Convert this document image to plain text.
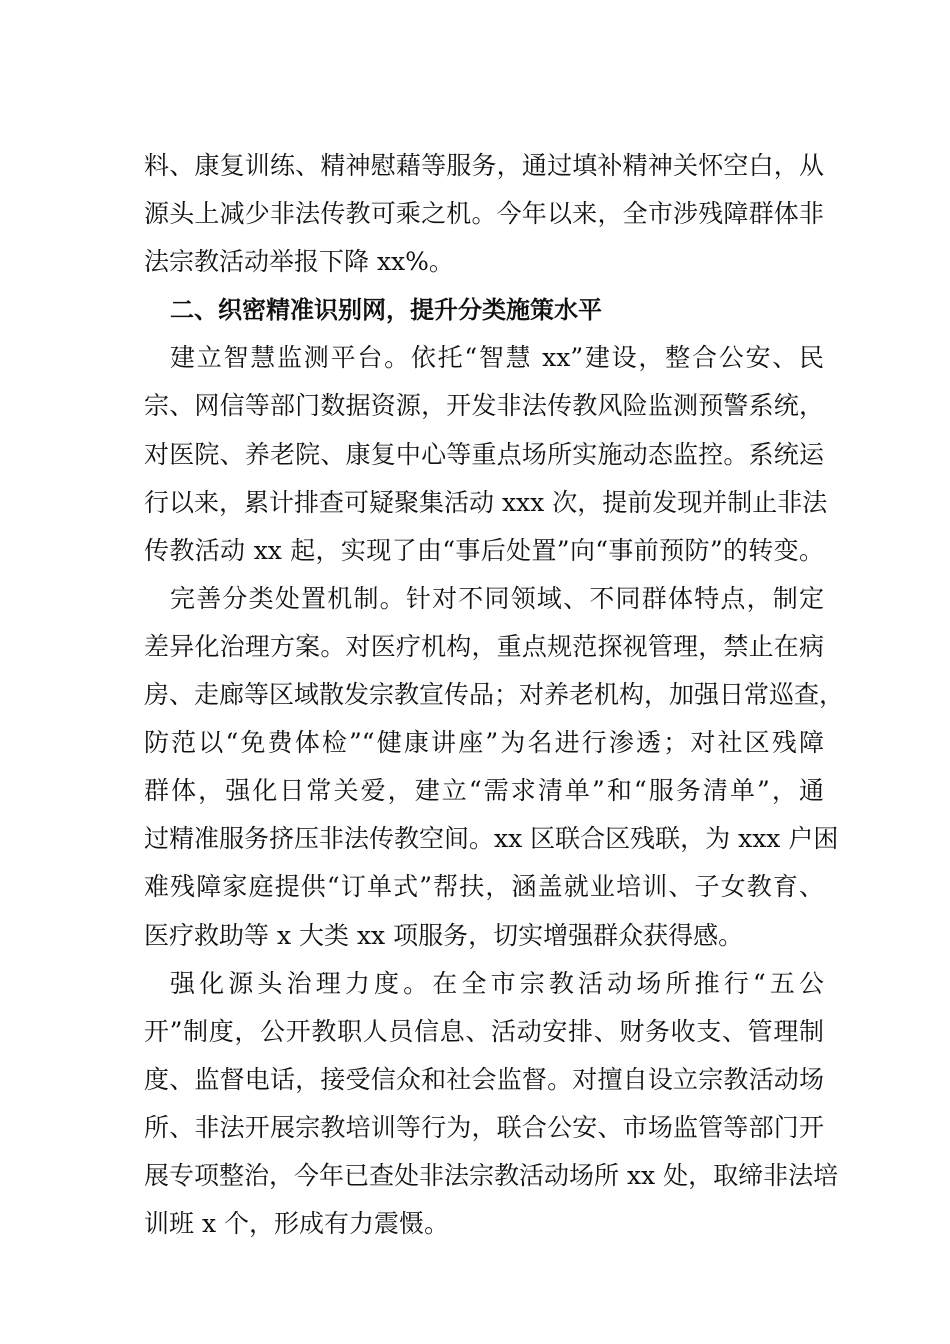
料、康复训练、精神慰藉等服务，通过填补精神关怀空白，从
源头上减少非法传教可乘之机。今年以来，全市涉残障群体非
法宗教活动举报下降 xx%。
二、织密精准识别网，提升分类施策水平
建立智慧监测平台。依托“智慧 xx”建设，整合公安、民
宗、网信等部门数据资源，开发非法传教风险监测预警系统，
对医院、养老院、康复中心等重点场所实施动态监控。系统运
行以来，累计排查可疑聚集活动 xxx 次，提前发现并制止非法
传教活动 xx 起，实现了由“事后处置”向“事前预防”的转变。
完善分类处置机制。针对不同领域、不同群体特点，制定
差异化治理方案。对医疗机构，重点规范探视管理，禁止在病
房、走廊等区域散发宗教宣传品；对养老机构，加强日常巡查，
防范以“免费体检”“健康讲座”为名进行渗透；对社区残障
群体，强化日常关爱，建立“需求清单”和“服务清单”，通
过精准服务挤压非法传教空间。xx 区联合区残联，为 xxx 户困
难残障家庭提供“订单式”帮扶，涵盖就业培训、子女教育、
医疗救助等 x 大类 xx 项服务，切实增强群众获得感。
强化源头治理力度。在全市宗教活动场所推行“五公
开”制度，公开教职人员信息、活动安排、财务收支、管理制
度、监督电话，接受信众和社会监督。对擅自设立宗教活动场
所、非法开展宗教培训等行为，联合公安、市场监管等部门开
展专项整治，今年已查处非法宗教活动场所 xx 处，取缔非法培
训班 x 个，形成有力震慑。
